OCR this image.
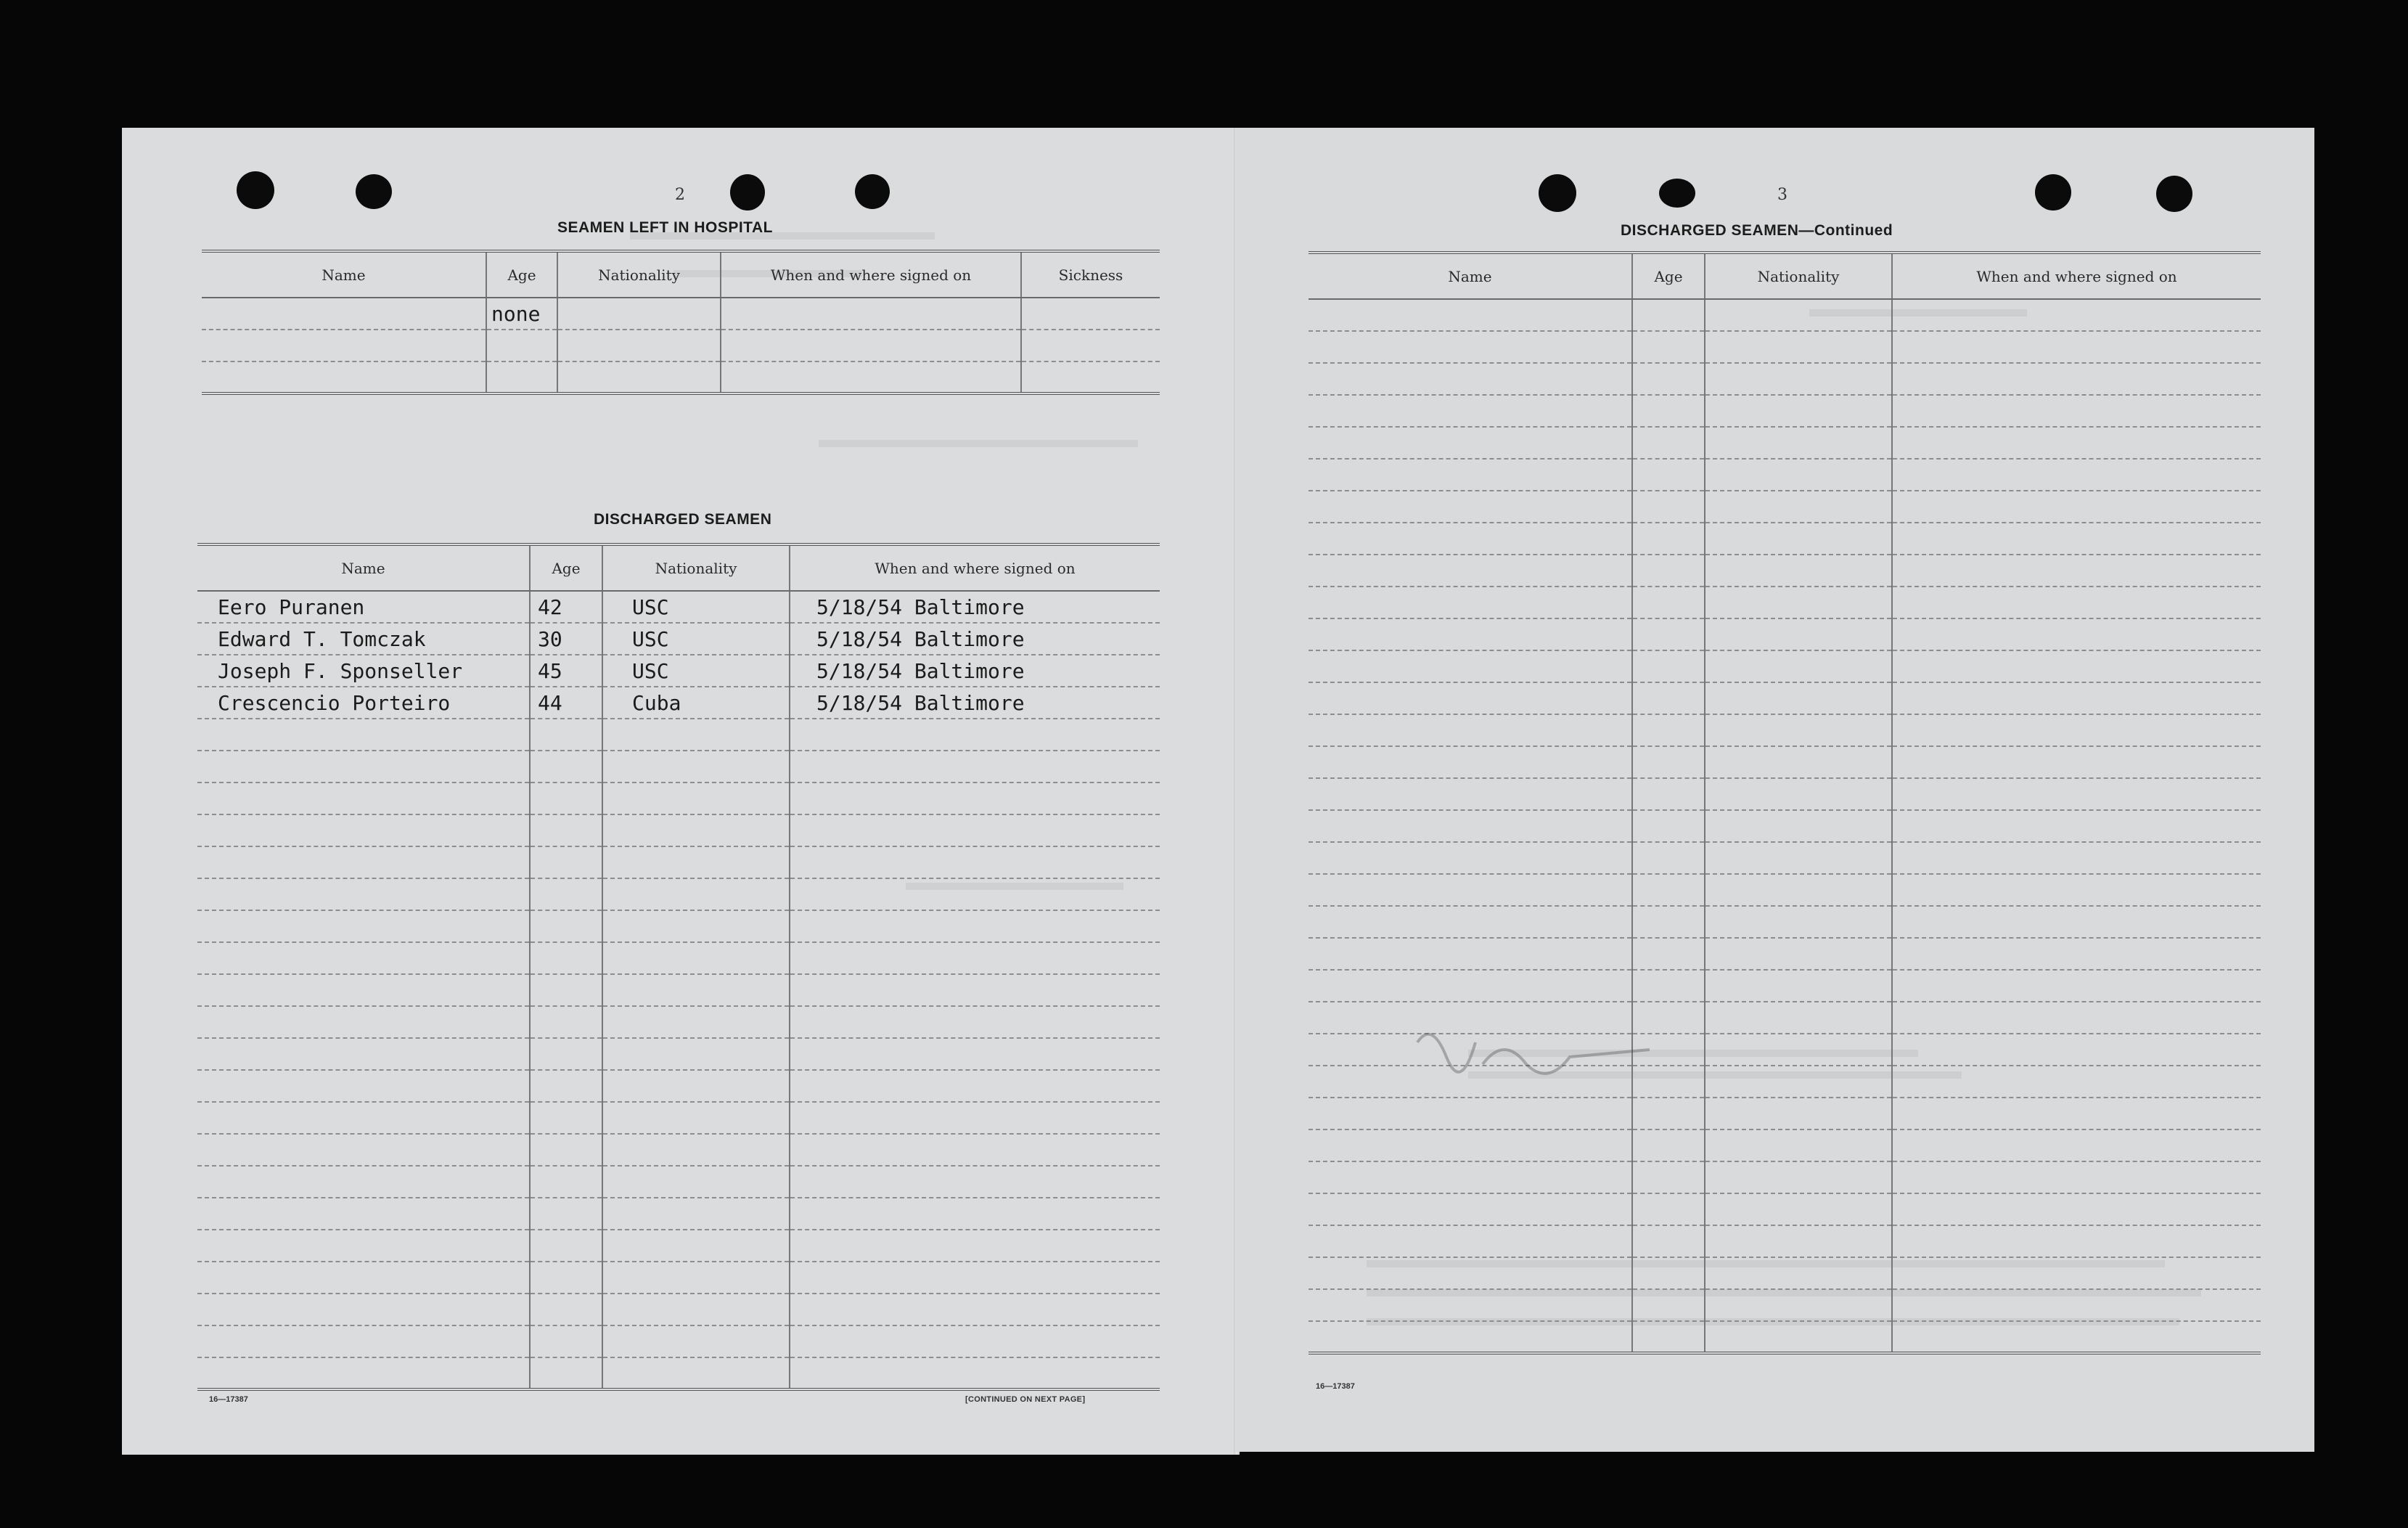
2
SEAMEN LEFT IN HOSPITAL
Name	Age	Nationality	When and where signed on	Sickness
	none			

DISCHARGED SEAMEN
Name	Age	Nationality	When and where signed on
Eero Puranen	42	USC	5/18/54 Baltimore
Edward T. Tomczak	30	USC	5/18/54 Baltimore
Joseph F. Sponseller	45	USC	5/18/54 Baltimore
Crescencio Porteiro	44	Cuba	5/18/54 Baltimore

16—17387	[CONTINUED ON NEXT PAGE]
3
DISCHARGED SEAMEN—Continued
Name	Age	Nationality	When and where signed on

16—17387
